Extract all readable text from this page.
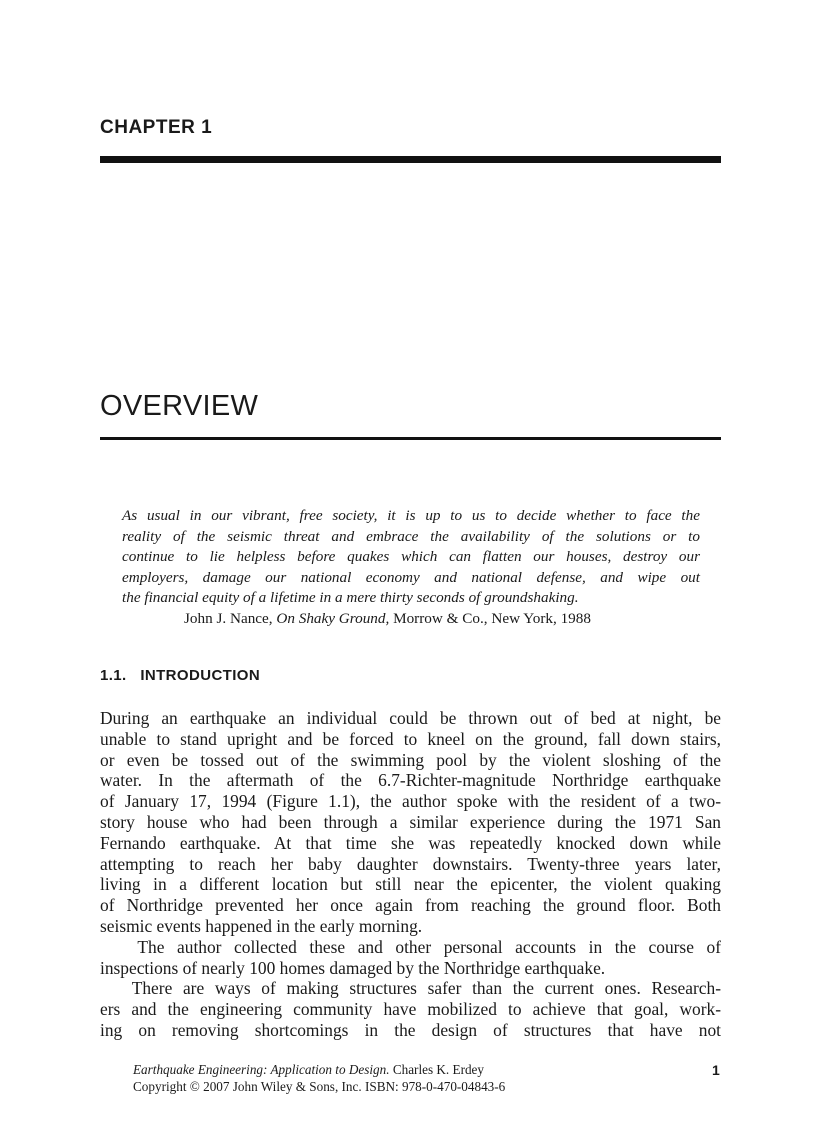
CHAPTER 1
OVERVIEW
As usual in our vibrant, free society, it is up to us to decide whether to face the
reality of the seismic threat and embrace the availability of the solutions or to
continue to lie helpless before quakes which can flatten our houses, destroy our
employers, damage our national economy and national defense, and wipe out
the financial equity of a lifetime in a mere thirty seconds of groundshaking.
John J. Nance, On Shaky Ground, Morrow & Co., New York, 1988
1.1.   INTRODUCTION
During an earthquake an individual could be thrown out of bed at night, be
unable to stand upright and be forced to kneel on the ground, fall down stairs,
or even be tossed out of the swimming pool by the violent sloshing of the
water. In the aftermath of the 6.7-Richter-magnitude Northridge earthquake
of January 17, 1994 (Figure 1.1), the author spoke with the resident of a two-
story house who had been through a similar experience during the 1971 San
Fernando earthquake. At that time she was repeatedly knocked down while
attempting to reach her baby daughter downstairs. Twenty-three years later,
living in a different location but still near the epicenter, the violent quaking
of Northridge prevented her once again from reaching the ground floor. Both
seismic events happened in the early morning.
The author collected these and other personal accounts in the course of
inspections of nearly 100 homes damaged by the Northridge earthquake.
There are ways of making structures safer than the current ones. Research-
ers and the engineering community have mobilized to achieve that goal, work-
ing on removing shortcomings in the design of structures that have not
Earthquake Engineering: Application to Design. Charles K. Erdey
Copyright © 2007 John Wiley & Sons, Inc. ISBN: 978-0-470-04843-6
1
